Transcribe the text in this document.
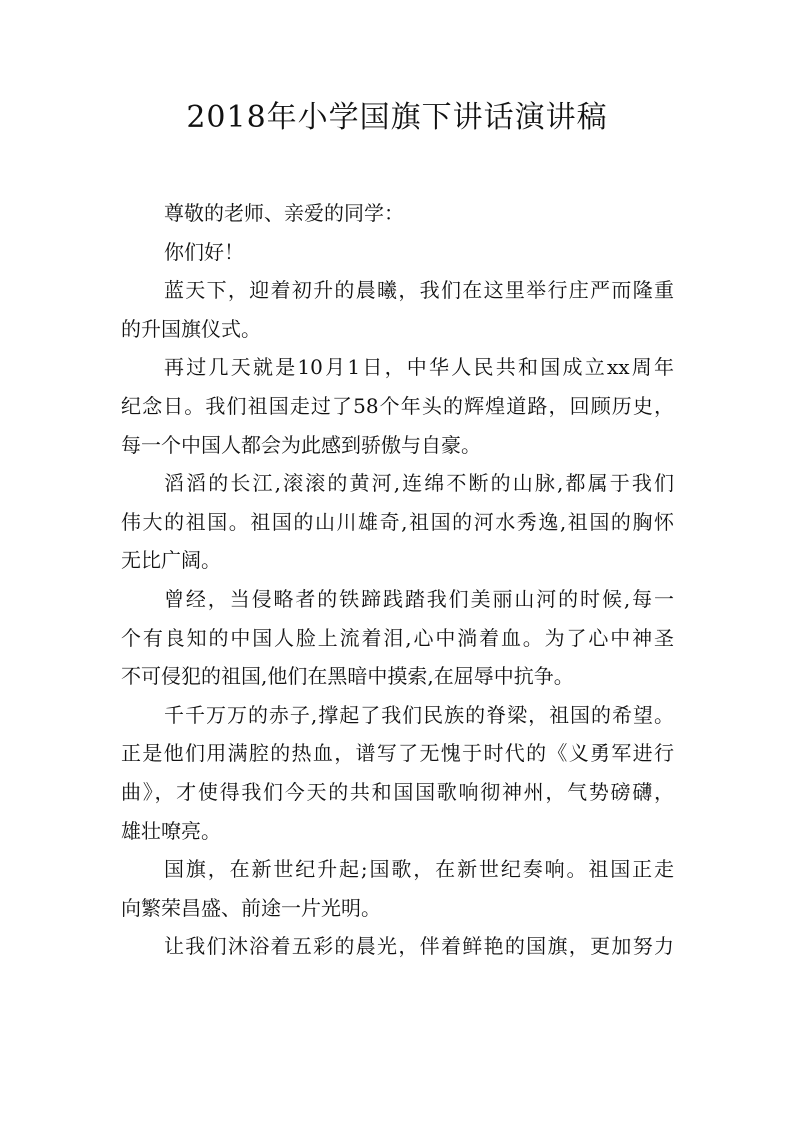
2018年小学国旗下讲话演讲稿
尊敬的老师、亲爱的同学：
你们好！
蓝天下，迎着初升的晨曦，我们在这里举行庄严而隆重
的升国旗仪式。
再过几天就是10月1日，中华人民共和国成立xx周年
纪念日。我们祖国走过了58个年头的辉煌道路，回顾历史，
每一个中国人都会为此感到骄傲与自豪。
滔滔的长江,滚滚的黄河,连绵不断的山脉,都属于我们
伟大的祖国。祖国的山川雄奇,祖国的河水秀逸,祖国的胸怀
无比广阔。
曾经，当侵略者的铁蹄践踏我们美丽山河的时候,每一
个有良知的中国人脸上流着泪,心中淌着血。为了心中神圣
不可侵犯的祖国,他们在黑暗中摸索,在屈辱中抗争。
千千万万的赤子,撑起了我们民族的脊梁，祖国的希望。
正是他们用满腔的热血，谱写了无愧于时代的《义勇军进行
曲》，才使得我们今天的共和国国歌响彻神州，气势磅礴，
雄壮嘹亮。
国旗，在新世纪升起;国歌，在新世纪奏响。祖国正走
向繁荣昌盛、前途一片光明。
让我们沐浴着五彩的晨光，伴着鲜艳的国旗，更加努力
